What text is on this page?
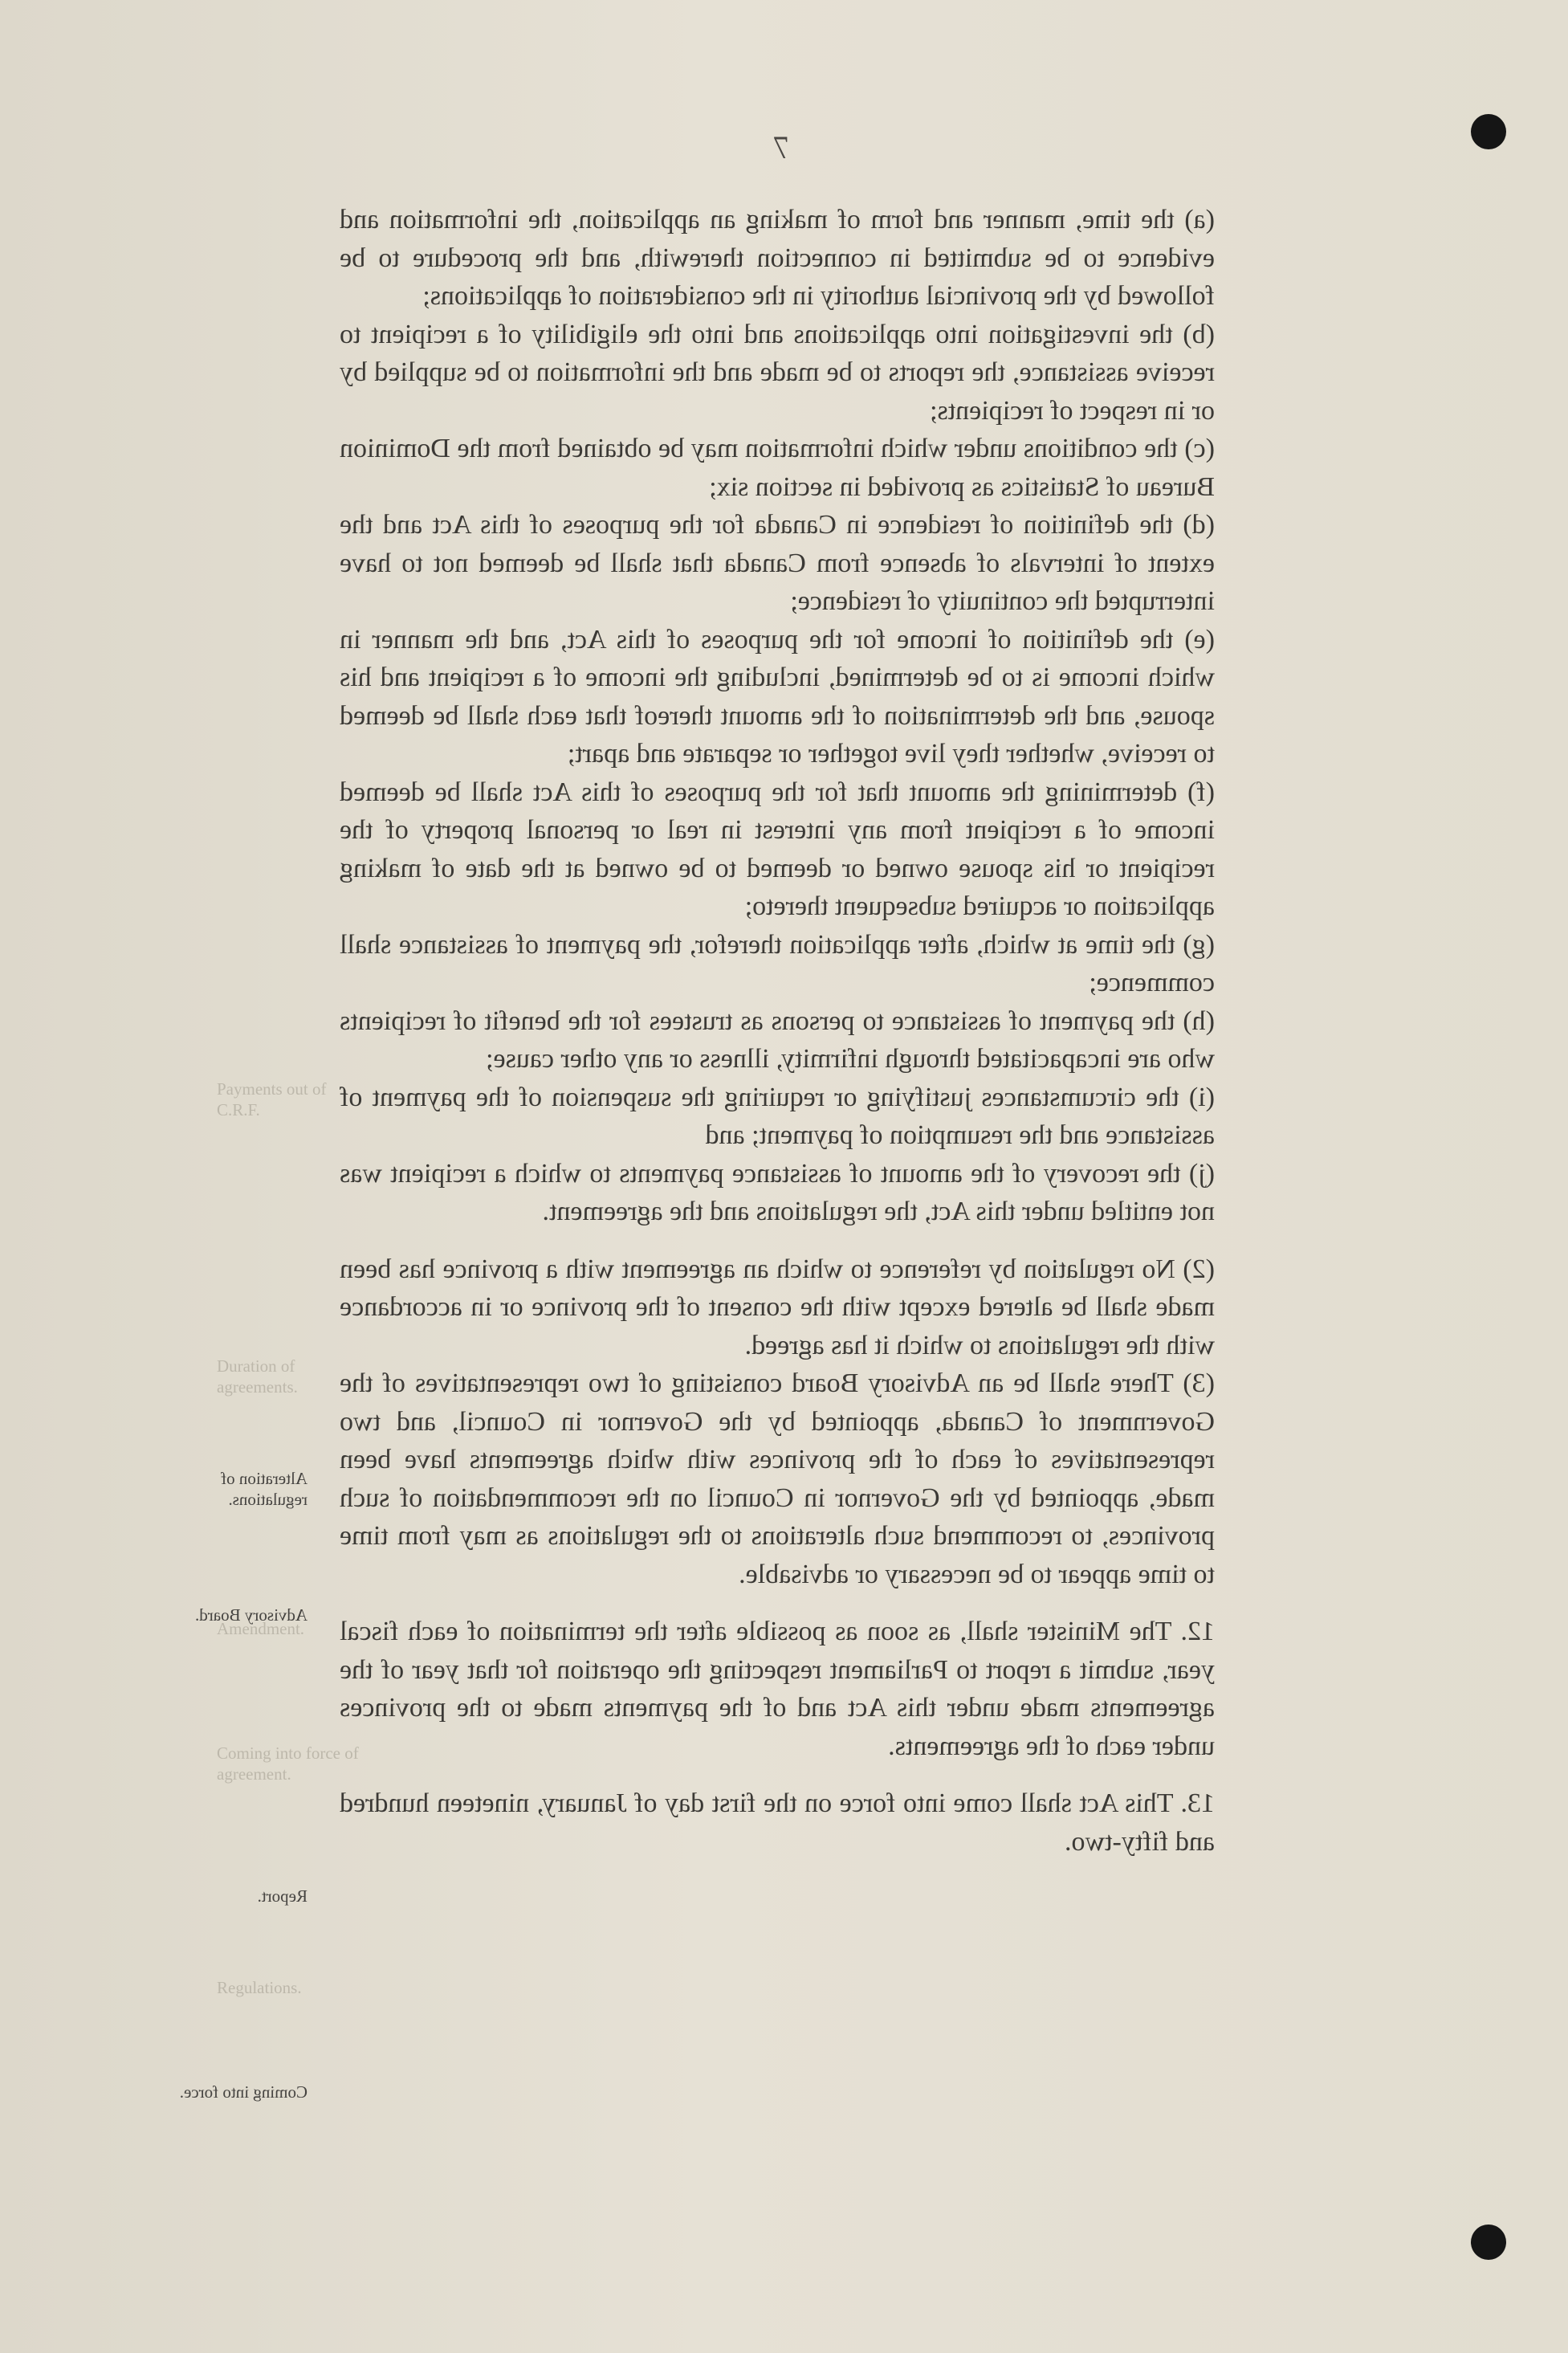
Payments out of C.R.F.
Duration of agreements.
Amendment.
Coming into force of agreement.
Regulations.
7

(a) the time, manner and form of making an application, the information and evidence to be submitted in connection therewith, and the procedure to be followed by the provincial authority in the consideration of applications;

(b) the investigation into applications and into the eligibility of a recipient to receive assistance, the reports to be made and the information to be supplied by or in respect of recipients;

(c) the conditions under which information may be obtained from the Dominion Bureau of Statistics as provided in section six;

(d) the definition of residence in Canada for the purposes of this Act and the extent of intervals of absence from Canada that shall be deemed not to have interrupted the continuity of residence;

(e) the definition of income for the purposes of this Act, and the manner in which income is to be determined, including the income of a recipient and his spouse, and the determination of the amount thereof that each shall be deemed to receive, whether they live together or separate and apart;

(f) determining the amount that for the purposes of this Act shall be deemed income of a recipient from any interest in real or personal property of the recipient or his spouse owned or deemed to be owned at the date of making application or acquired subsequent thereto;

(g) the time at which, after application therefor, the payment of assistance shall commence;

(h) the payment of assistance to persons as trustees for the benefit of recipients who are incapacitated through infirmity, illness or any other cause;

(i) the circumstances justifying or requiring the suspension of the payment of assistance and the resumption of payment; and

(j) the recovery of the amount of assistance payments to which a recipient was not entitled under this Act, the regulations and the agreement.

(2) No regulation by reference to which an agreement with a province has been made shall be altered except with the consent of the province or in accordance with the regulations to which it has agreed.

(3) There shall be an Advisory Board consisting of two representatives of the Government of Canada, appointed by the Governor in Council, and two representatives of each of the provinces with which agreements have been made, appointed by the Governor in Council on the recommendation of such provinces, to recommend such alterations to the regulations as may from time to time appear to be necessary or advisable.

12. The Minister shall, as soon as possible after the termination of each fiscal year, submit a report to Parliament respecting the operation for that year of the agreements made under this Act and of the payments made to the provinces under each of the agreements.

13. This Act shall come into force on the first day of January, nineteen hundred and fifty-two.

Alteration of regulations.
Advisory Board.
Report.
Coming into force.
